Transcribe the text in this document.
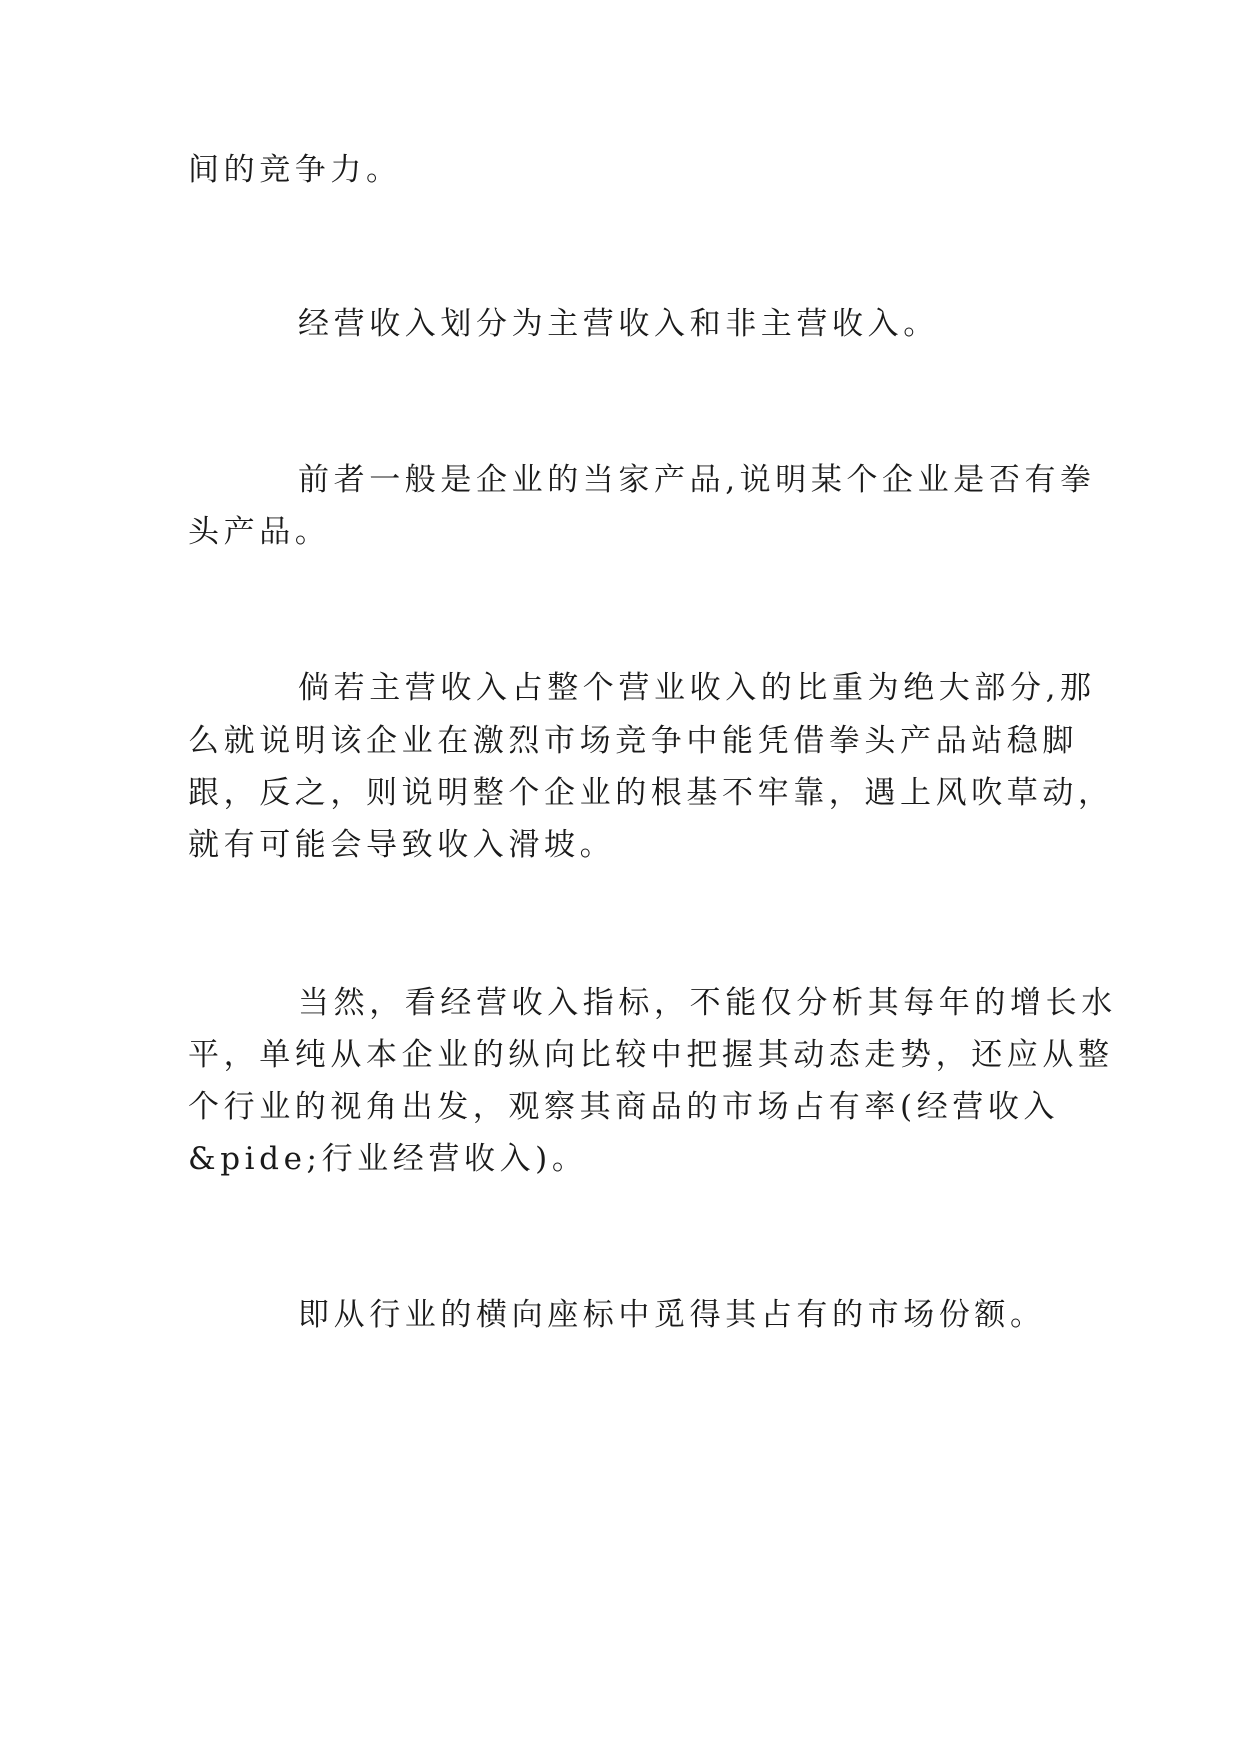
间的竞争力。

经营收入划分为主营收入和非主营收入。

前者一般是企业的当家产品,说明某个企业是否有拳

头产品。

倘若主营收入占整个营业收入的比重为绝大部分,那

么就说明该企业在激烈市场竞争中能凭借拳头产品站稳脚

跟，反之，则说明整个企业的根基不牢靠，遇上风吹草动，

就有可能会导致收入滑坡。

当然，看经营收入指标，不能仅分析其每年的增长水

平，单纯从本企业的纵向比较中把握其动态走势，还应从整

个行业的视角出发，观察其商品的市场占有率(经营收入

&pide;行业经营收入)。

即从行业的横向座标中觅得其占有的市场份额。
